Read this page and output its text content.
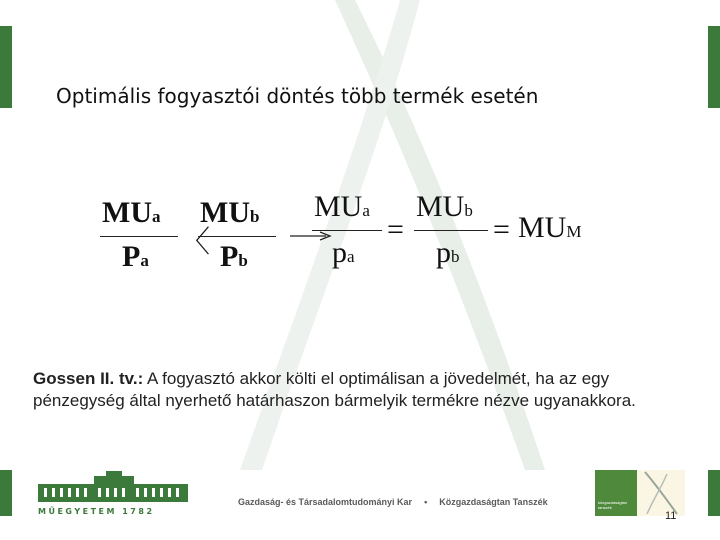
Optimális fogyasztói döntés több termék esetén
MUa
Pa
〈
MUb
Pb
MUa
pa
=
MUb
pb
= MUM

Gossen II. tv.: A fogyasztó akkor költi el optimálisan a jövedelmét, ha az egy pénzegység által nyerhető határhaszon bármelyik termékre nézve ugyanakkora.

MŰEGYETEM 1782
Gazdaság- és Társadalomtudományi Kar • Közgazdaságtan Tanszék	közgazdaságtan tanszék
11
